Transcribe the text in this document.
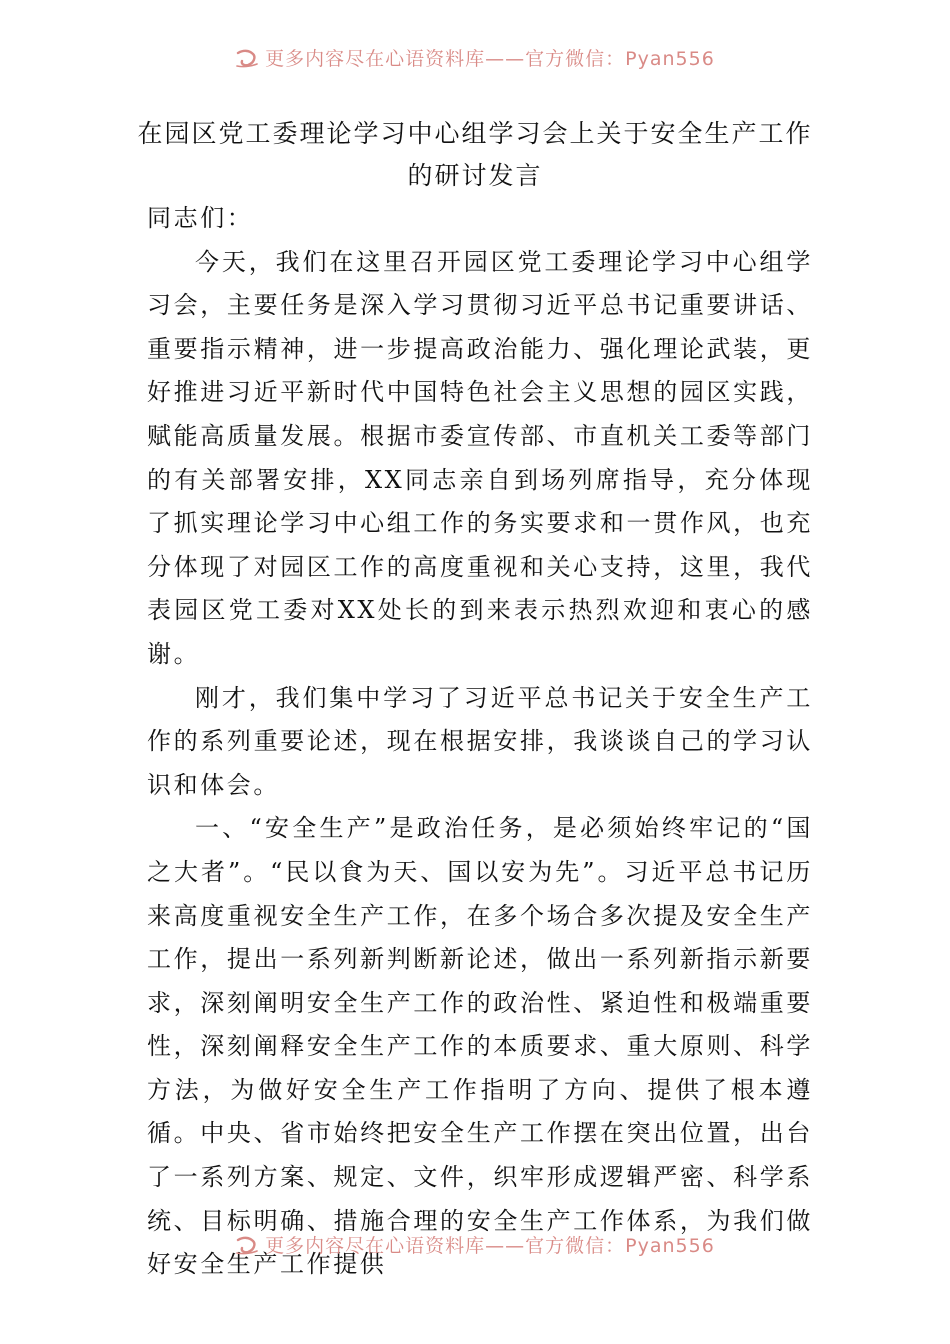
更多内容尽在心语资料库——官方微信：Pyan556
在园区党工委理论学习中心组学习会上关于安全生产工作
的研讨发言

同志们：

今天，我们在这里召开园区党工委理论学习中心组学习会，主要任务是深入学习贯彻习近平总书记重要讲话、重要指示精神，进一步提高政治能力、强化理论武装，更好推进习近平新时代中国特色社会主义思想的园区实践，赋能高质量发展。根据市委宣传部、市直机关工委等部门的有关部署安排，XX同志亲自到场列席指导，充分体现了抓实理论学习中心组工作的务实要求和一贯作风，也充分体现了对园区工作的高度重视和关心支持，这里，我代表园区党工委对XX处长的到来表示热烈欢迎和衷心的感谢。

刚才，我们集中学习了习近平总书记关于安全生产工作的系列重要论述，现在根据安排，我谈谈自己的学习认识和体会。

一、“安全生产”是政治任务，是必须始终牢记的“国之大者”。“民以食为天、国以安为先”。习近平总书记历来高度重视安全生产工作，在多个场合多次提及安全生产工作，提出一系列新判断新论述，做出一系列新指示新要求，深刻阐明安全生产工作的政治性、紧迫性和极端重要性，深刻阐释安全生产工作的本质要求、重大原则、科学方法，为做好安全生产工作指明了方向、提供了根本遵循。中央、省市始终把安全生产工作摆在突出位置，出台了一系列方案、规定、文件，织牢形成逻辑严密、科学系统、目标明确、措施合理的安全生产工作体系，为我们做好安全生产工作提供

更多内容尽在心语资料库——官方微信：Pyan556
